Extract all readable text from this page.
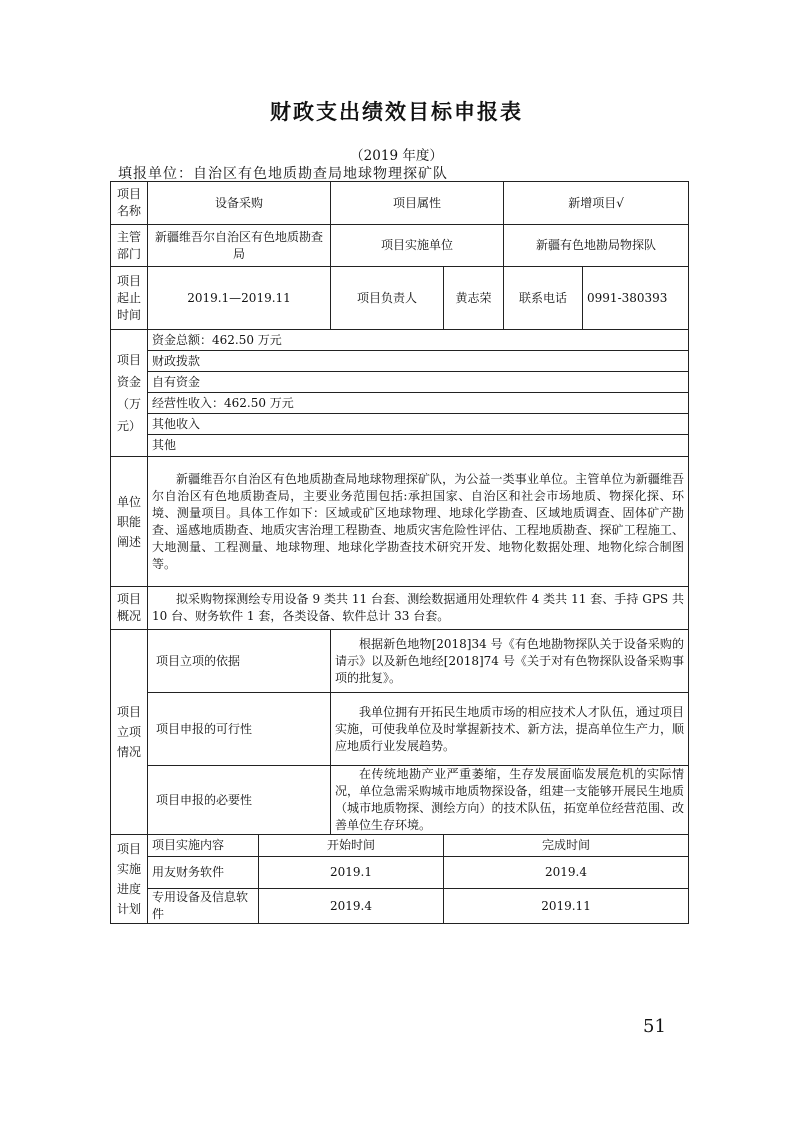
财政支出绩效目标申报表
（2019 年度）
填报单位：自治区有色地质勘查局地球物理探矿队
项目名称	设备采购		项目属性		新增项目√	
主管部门	新疆维吾尔自治区有色地质勘查局		项目实施单位		新疆有色地勘局物探队	
项目起止时间	2019.1—2019.11		项目负责人	黄志荣	联系电话	0991-380393
项目资金（万元）	资金总额：462.50 万元					
	财政拨款					
	自有资金					
	经营性收入：462.50 万元					
	其他收入					
	其他					
单位职能阐述	新疆维吾尔自治区有色地质勘查局地球物理探矿队，为公益一类事业单位。主管单位为新疆维吾尔自治区有色地质勘查局，主要业务范围包括:承担国家、自治区和社会市场地质、物探化探、环境、测量项目。具体工作如下：区域或矿区地球物理、地球化学勘查、区域地质调查、固体矿产勘查、遥感地质勘查、地质灾害治理工程勘查、地质灾害危险性评估、工程地质勘查、探矿工程施工、大地测量、工程测量、地球物理、地球化学勘查技术研究开发、地物化数据处理、地物化综合制图等。					
项目概况	拟采购物探测绘专用设备 9 类共 11 台套、测绘数据通用处理软件 4 类共 11 套、手持 GPS 共 10 台、财务软件 1 套，各类设备、软件总计 33 台套。					
项目立项情况	项目立项的依据		根据新色地物[2018]34 号《有色地勘物探队关于设备采购的请示》以及新色地经[2018]74 号《关于对有色物探队设备采购事项的批复》。			
	项目申报的可行性		我单位拥有开拓民生地质市场的相应技术人才队伍，通过项目实施，可使我单位及时掌握新技术、新方法，提高单位生产力，顺应地质行业发展趋势。			
	项目申报的必要性		在传统地勘产业严重萎缩，生存发展面临发展危机的实际情况，单位急需采购城市地质物探设备，组建一支能够开展民生地质（城市地质物探、测绘方向）的技术队伍，拓宽单位经营范围、改善单位生存环境。			
项目实施进度计划	项目实施内容	开始时间		完成时间		
	用友财务软件	2019.1		2019.4		
	专用设备及信息软件	2019.4		2019.11		
51
